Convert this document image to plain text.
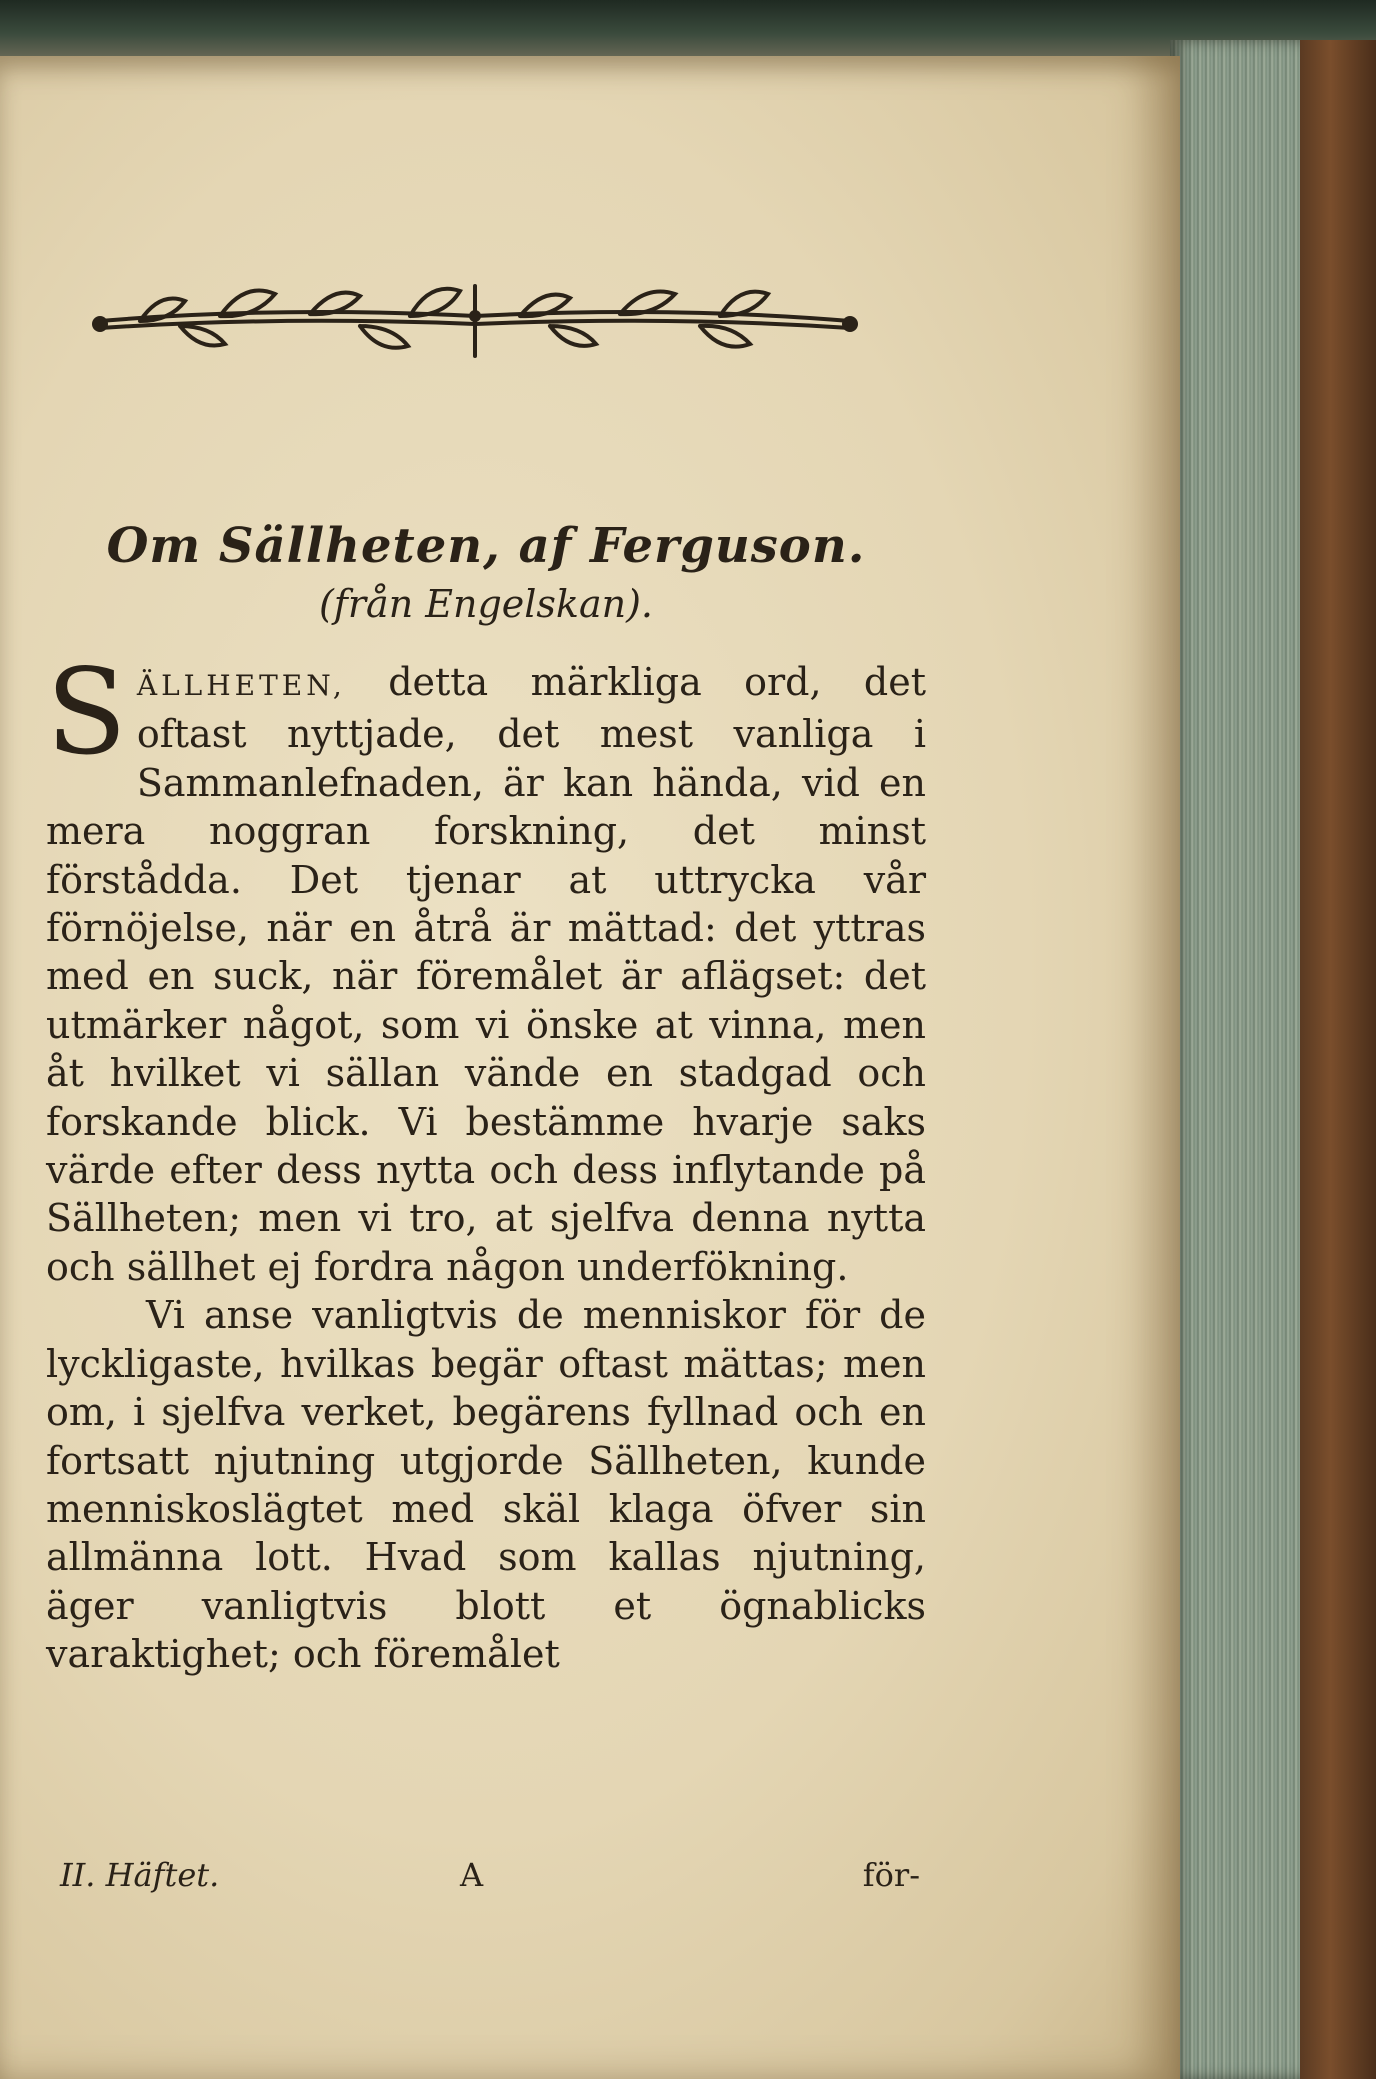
Om Sällheten, af Ferguson.
(från Engelskan).

S ÄLLHETEN, detta märkliga ord, det oftast nyttjade, det mest vanliga i Sammanlefnaden, är kan hända, vid en mera noggran forskning, det minst förstådda. Det tjenar at uttrycka vår förnöjelse, när en åtrå är mättad: det yttras med en suck, när föremålet är aflägset: det utmärker något, som vi önske at vinna, men åt hvilket vi sällan vände en stadgad och forskande blick. Vi bestämme hvarje saks värde efter dess nytta och dess inflytande på Sällheten; men vi tro, at sjelfva denna nytta och sällhet ej fordra någon underfökning.

Vi anse vanligtvis de menniskor för de lyckligaste, hvilkas begär oftast mättas; men om, i sjelfva verket, begärens fyllnad och en fortsatt njutning utgjorde Sällheten, kunde menniskoslägtet med skäl klaga öfver sin allmänna lott. Hvad som kallas njutning, äger vanligtvis blott et ögnablicks varaktighet; och föremålet

II. Häftet.	A	för-
